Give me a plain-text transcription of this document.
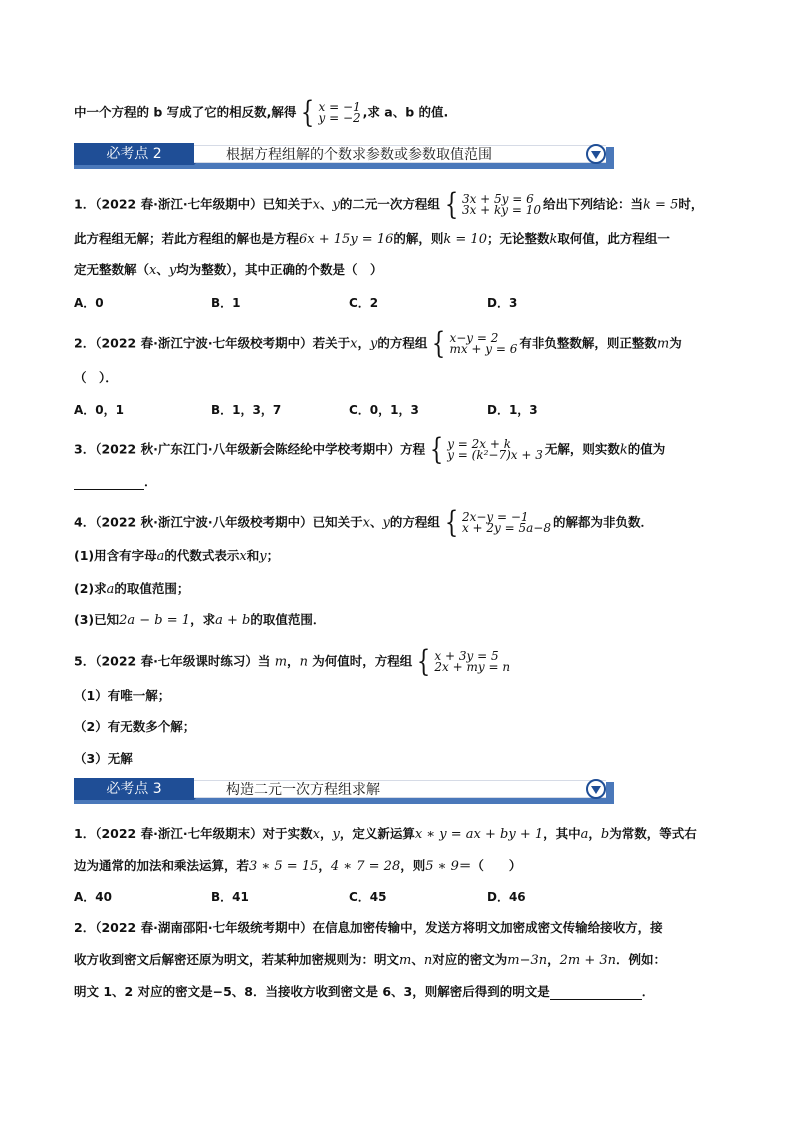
中一个方程的 b 写成了它的相反数,解得 { x = −1
y = −2 ,求 a、b 的值.
必考点 2	根据方程组解的个数求参数或参数取值范围
1．（2022 春·浙江·七年级期中）已知关于x、y的二元一次方程组 { 3x + 5y = 6
3x + ky = 10 给出下列结论：当k = 5时，
此方程组无解；若此方程组的解也是方程6x + 15y = 16的解，则k = 10；无论整数k取何值，此方程组一
定无整数解（x、y均为整数），其中正确的个数是（　）
A．0	B．1	C．2	D．3
2．（2022 春·浙江宁波·七年级校考期中）若关于x，y的方程组 { x−y = 2
mx + y = 6 有非负整数解，则正整数m为
（　）．
A．0，1	B．1，3，7	C．0，1，3	D．1，3
3．（2022 秋·广东江门·八年级新会陈经纶中学校考期中）方程 { y = 2x + k
y = (k²−7)x + 3 无解，则实数k的值为
．
4．（2022 秋·浙江宁波·八年级校考期中）已知关于x、y的方程组 { 2x−y = −1
x + 2y = 5a−8 的解都为非负数．
(1)用含有字母a的代数式表示x和y；
(2)求a的取值范围；
(3)已知2a − b = 1，求a + b的取值范围．
5．（2022 春·七年级课时练习）当 m，n 为何值时，方程组 { x + 3y = 5
2x + my = n
（1）有唯一解；
（2）有无数多个解；
（3）无解
必考点 3	构造二元一次方程组求解
1．（2022 春·浙江·七年级期末）对于实数x，y，定义新运算x ∗ y = ax + by + 1，其中a，b为常数，等式右
边为通常的加法和乘法运算，若3 ∗ 5 = 15，4 ∗ 7 = 28，则5 ∗ 9＝（　　）
A．40	B．41	C．45	D．46
2．（2022 春·湖南邵阳·七年级统考期中）在信息加密传输中，发送方将明文加密成密文传输给接收方，接
收方收到密文后解密还原为明文，若某种加密规则为：明文m、n对应的密文为m−3n，2m + 3n．例如：
明文 1、2 对应的密文是−5、8．当接收方收到密文是 6、3，则解密后得到的明文是	．
